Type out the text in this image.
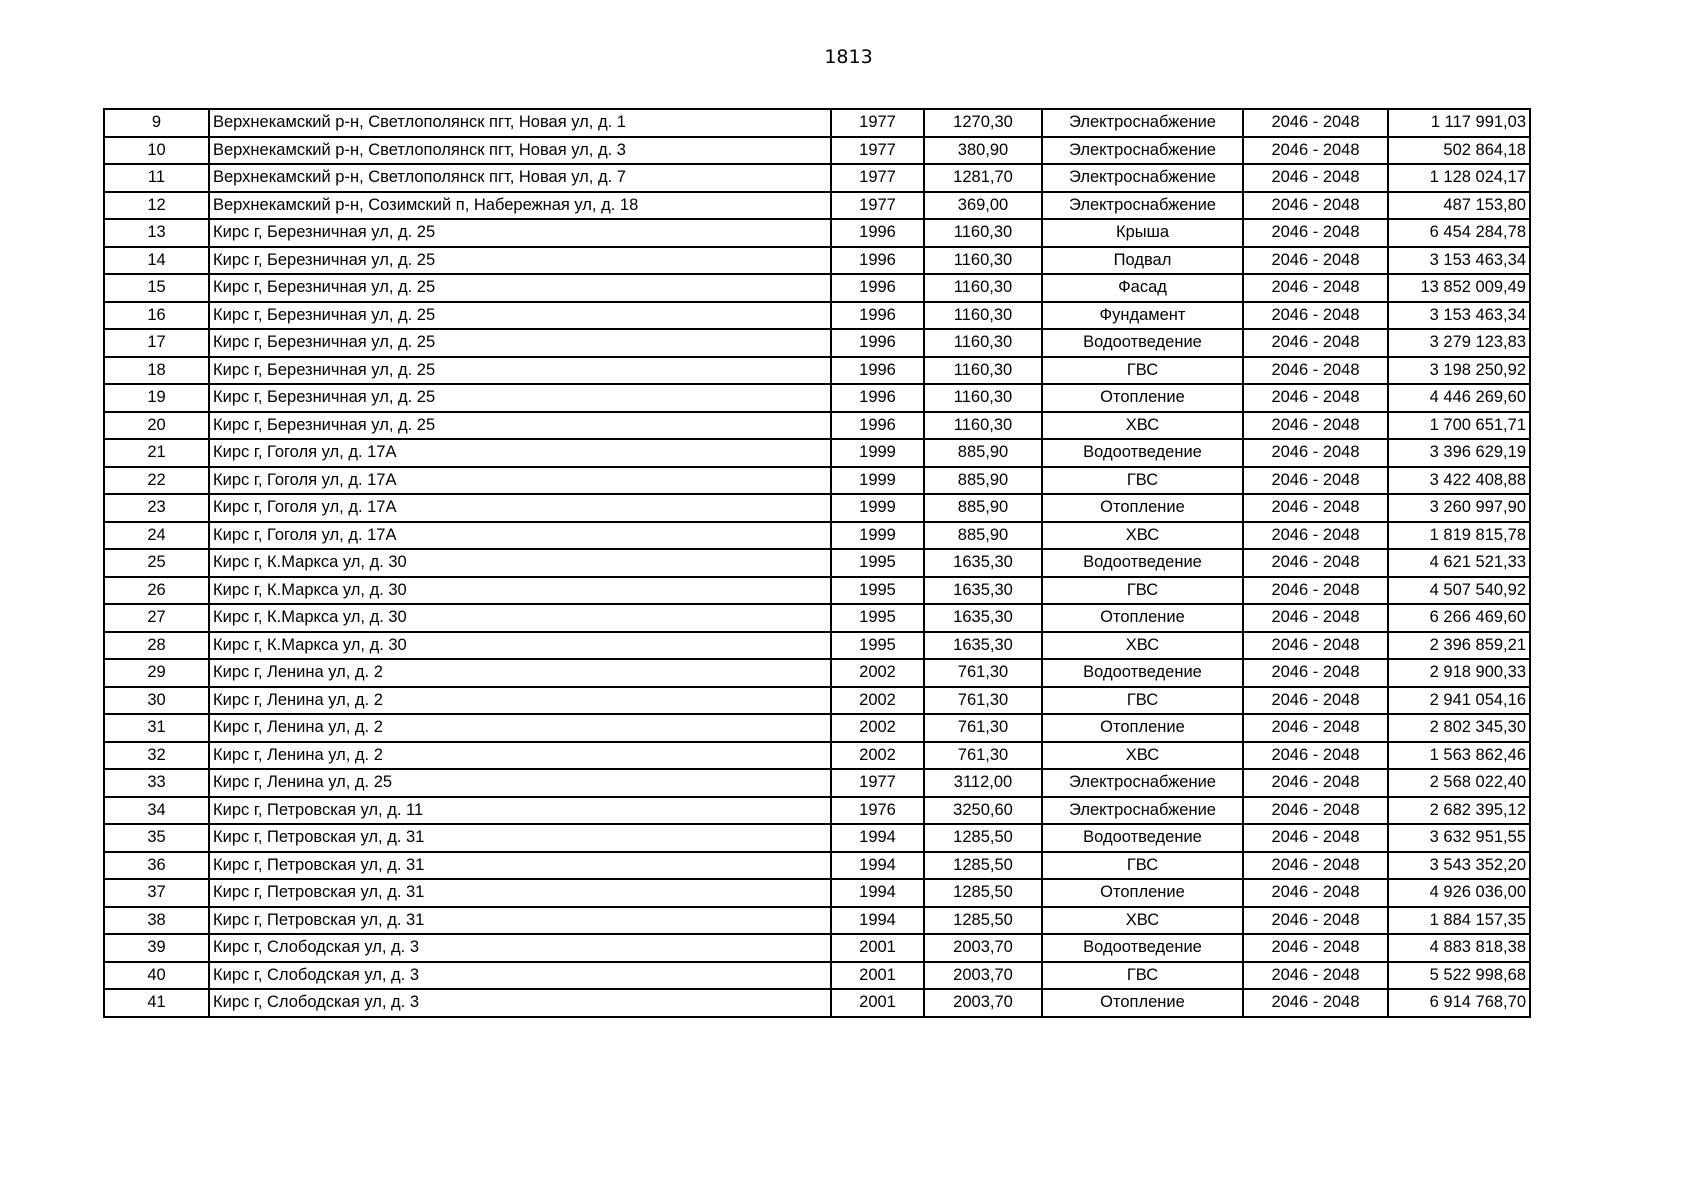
1813
9	Верхнекамский р-н, Светлополянск пгт, Новая ул, д. 1	1977	1270,30	Электроснабжение	2046 - 2048	1 117 991,03
10	Верхнекамский р-н, Светлополянск пгт, Новая ул, д. 3	1977	380,90	Электроснабжение	2046 - 2048	502 864,18
11	Верхнекамский р-н, Светлополянск пгт, Новая ул, д. 7	1977	1281,70	Электроснабжение	2046 - 2048	1 128 024,17
12	Верхнекамский р-н, Созимский п, Набережная ул, д. 18	1977	369,00	Электроснабжение	2046 - 2048	487 153,80
13	Кирс г, Березничная ул, д. 25	1996	1160,30	Крыша	2046 - 2048	6 454 284,78
14	Кирс г, Березничная ул, д. 25	1996	1160,30	Подвал	2046 - 2048	3 153 463,34
15	Кирс г, Березничная ул, д. 25	1996	1160,30	Фасад	2046 - 2048	13 852 009,49
16	Кирс г, Березничная ул, д. 25	1996	1160,30	Фундамент	2046 - 2048	3 153 463,34
17	Кирс г, Березничная ул, д. 25	1996	1160,30	Водоотведение	2046 - 2048	3 279 123,83
18	Кирс г, Березничная ул, д. 25	1996	1160,30	ГВС	2046 - 2048	3 198 250,92
19	Кирс г, Березничная ул, д. 25	1996	1160,30	Отопление	2046 - 2048	4 446 269,60
20	Кирс г, Березничная ул, д. 25	1996	1160,30	ХВС	2046 - 2048	1 700 651,71
21	Кирс г, Гоголя ул, д. 17А	1999	885,90	Водоотведение	2046 - 2048	3 396 629,19
22	Кирс г, Гоголя ул, д. 17А	1999	885,90	ГВС	2046 - 2048	3 422 408,88
23	Кирс г, Гоголя ул, д. 17А	1999	885,90	Отопление	2046 - 2048	3 260 997,90
24	Кирс г, Гоголя ул, д. 17А	1999	885,90	ХВС	2046 - 2048	1 819 815,78
25	Кирс г, К.Маркса ул, д. 30	1995	1635,30	Водоотведение	2046 - 2048	4 621 521,33
26	Кирс г, К.Маркса ул, д. 30	1995	1635,30	ГВС	2046 - 2048	4 507 540,92
27	Кирс г, К.Маркса ул, д. 30	1995	1635,30	Отопление	2046 - 2048	6 266 469,60
28	Кирс г, К.Маркса ул, д. 30	1995	1635,30	ХВС	2046 - 2048	2 396 859,21
29	Кирс г, Ленина ул, д. 2	2002	761,30	Водоотведение	2046 - 2048	2 918 900,33
30	Кирс г, Ленина ул, д. 2	2002	761,30	ГВС	2046 - 2048	2 941 054,16
31	Кирс г, Ленина ул, д. 2	2002	761,30	Отопление	2046 - 2048	2 802 345,30
32	Кирс г, Ленина ул, д. 2	2002	761,30	ХВС	2046 - 2048	1 563 862,46
33	Кирс г, Ленина ул, д. 25	1977	3112,00	Электроснабжение	2046 - 2048	2 568 022,40
34	Кирс г, Петровская ул, д. 11	1976	3250,60	Электроснабжение	2046 - 2048	2 682 395,12
35	Кирс г, Петровская ул, д. 31	1994	1285,50	Водоотведение	2046 - 2048	3 632 951,55
36	Кирс г, Петровская ул, д. 31	1994	1285,50	ГВС	2046 - 2048	3 543 352,20
37	Кирс г, Петровская ул, д. 31	1994	1285,50	Отопление	2046 - 2048	4 926 036,00
38	Кирс г, Петровская ул, д. 31	1994	1285,50	ХВС	2046 - 2048	1 884 157,35
39	Кирс г, Слободская ул, д. 3	2001	2003,70	Водоотведение	2046 - 2048	4 883 818,38
40	Кирс г, Слободская ул, д. 3	2001	2003,70	ГВС	2046 - 2048	5 522 998,68
41	Кирс г, Слободская ул, д. 3	2001	2003,70	Отопление	2046 - 2048	6 914 768,70
